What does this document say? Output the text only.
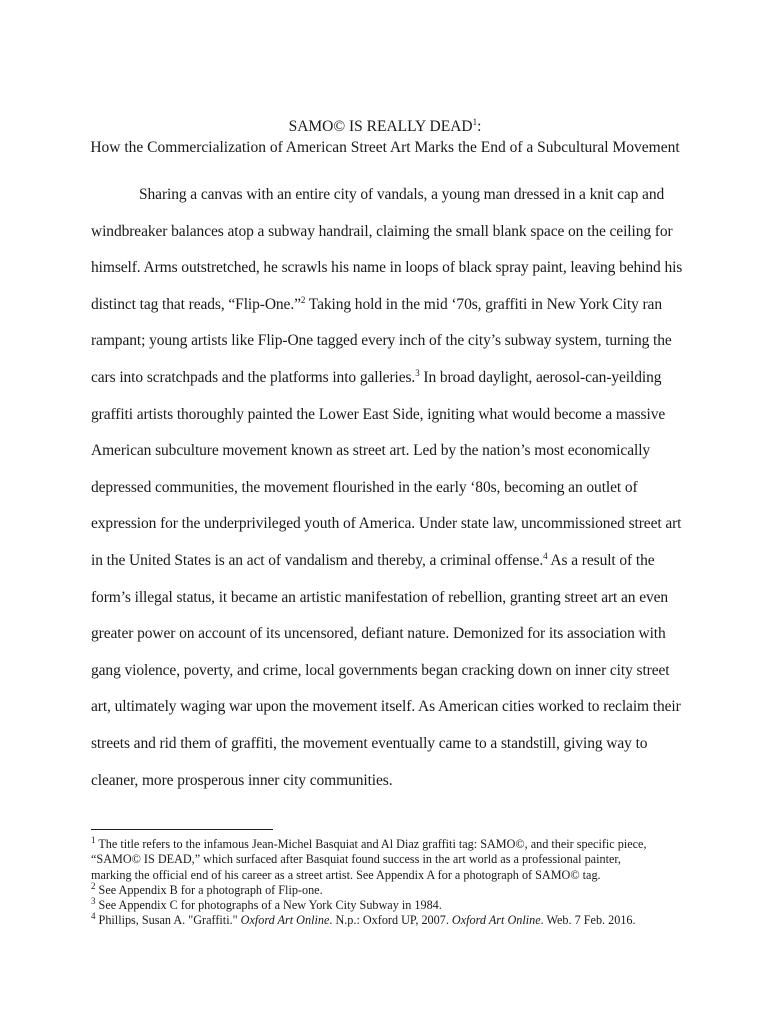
SAMO© IS REALLY DEAD$^1$:
How the Commercialization of American Street Art Marks the End of a Subcultural Movement
Sharing a canvas with an entire city of vandals, a young man dressed in a knit cap and
windbreaker balances atop a subway handrail, claiming the small blank space on the ceiling for
himself. Arms outstretched, he scrawls his name in loops of black spray paint, leaving behind his
distinct tag that reads, “Flip-One.”$^2$ Taking hold in the mid ‘70s, graffiti in New York City ran
rampant; young artists like Flip-One tagged every inch of the city’s subway system, turning the
cars into scratchpads and the platforms into galleries.$^3$ In broad daylight, aerosol-can-yeilding
graffiti artists thoroughly painted the Lower East Side, igniting what would become a massive
American subculture movement known as street art. Led by the nation’s most economically
depressed communities, the movement flourished in the early ‘80s, becoming an outlet of
expression for the underprivileged youth of America. Under state law, uncommissioned street art
in the United States is an act of vandalism and thereby, a criminal offense.$^4$ As a result of the
form’s illegal status, it became an artistic manifestation of rebellion, granting street art an even
greater power on account of its uncensored, defiant nature. Demonized for its association with
gang violence, poverty, and crime, local governments began cracking down on inner city street
art, ultimately waging war upon the movement itself. As American cities worked to reclaim their
streets and rid them of graffiti, the movement eventually came to a standstill, giving way to
cleaner, more prosperous inner city communities.
$^1$ The title refers to the infamous Jean-Michel Basquiat and Al Diaz graffiti tag: SAMO©, and their specific piece,
“SAMO© IS DEAD,” which surfaced after Basquiat found success in the art world as a professional painter,
marking the official end of his career as a street artist. See Appendix A for a photograph of SAMO© tag.
$^2$ See Appendix B for a photograph of Flip-one.
$^3$ See Appendix C for photographs of a New York City Subway in 1984.
$^4$ Phillips, Susan A. "Graffiti." Oxford Art Online. N.p.: Oxford UP, 2007. Oxford Art Online. Web. 7 Feb. 2016.
